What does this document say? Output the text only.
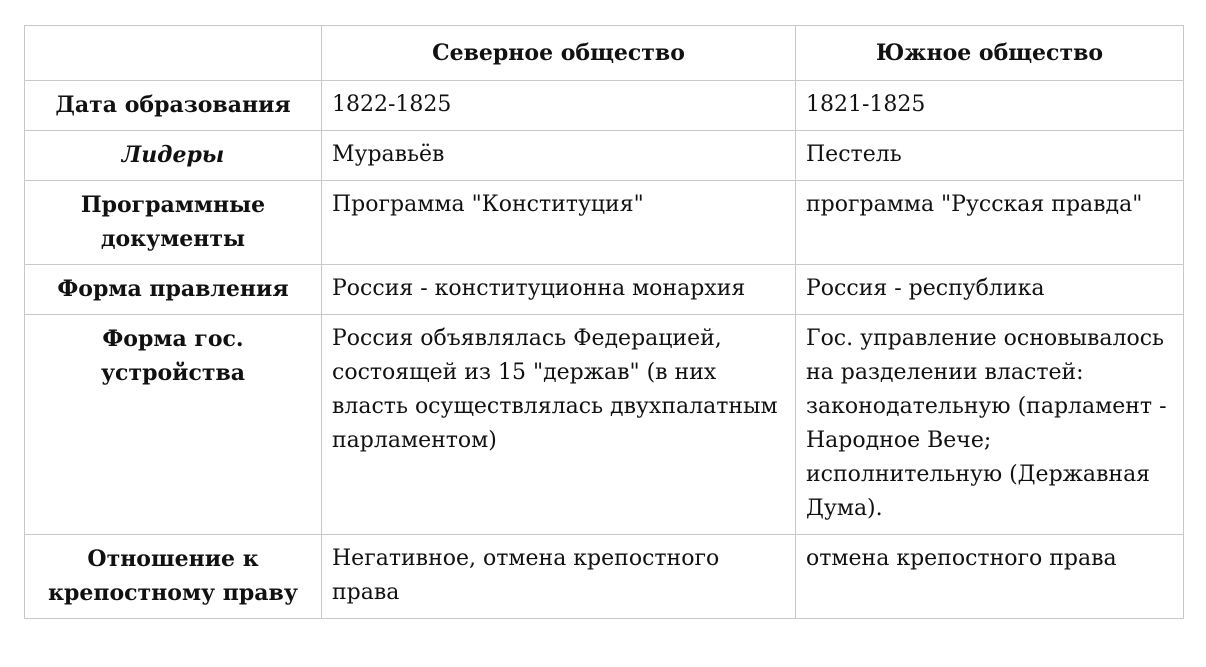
	Северное общество	Южное общество
Дата образования	1822-1825	1821-1825
Лидеры	Муравьёв	Пестель
Программные документы	Программа "Конституция"	программа "Русская правда"
Форма правления	Россия - конституционна монархия	Россия - республика
Форма гос. устройства	Россия объявлялась Федерацией, состоящей из 15 "держав" (в них власть осуществлялась двухпалатным парламентом)	Гос. управление основывалось на разделении властей: законодательную (парламент - Народное Вече; исполнительную (Державная Дума).
Отношение к крепостному праву	Негативное, отмена крепостного права	отмена крепостного права
